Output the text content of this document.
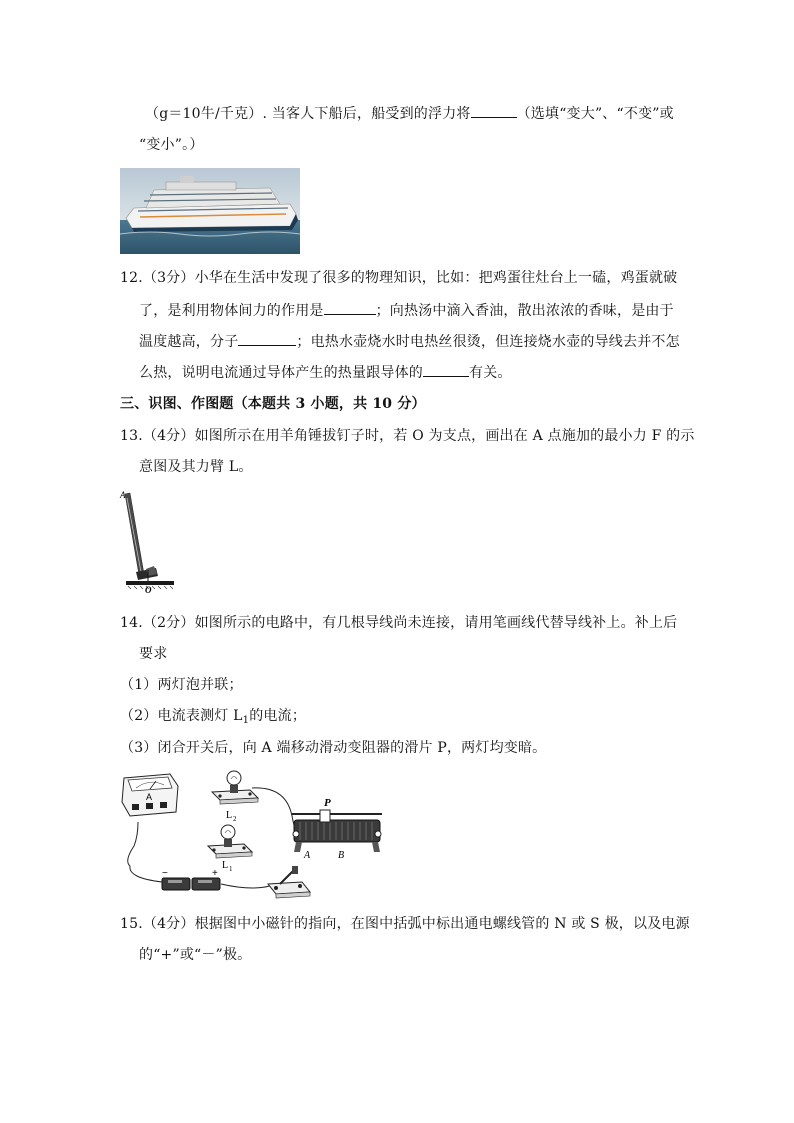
（g＝10牛/千克）. 当客人下船后，船受到的浮力将	（选填“变大”、“不变”或
“变小”。）
12.（3分）小华在生活中发现了很多的物理知识，比如：把鸡蛋往灶台上一磕，鸡蛋就破
了，是利用物体间力的作用是	；向热汤中滴入香油，散出浓浓的香味，是由于
温度越高，分子	；电热水壶烧水时电热丝很烫，但连接烧水壶的导线去并不怎
么热，说明电流通过导体产生的热量跟导体的	有关。
三、识图、作图题（本题共 3 小题，共 10 分）
13.（4分）如图所示在用羊角锤拔钉子时，若 O 为支点，画出在 A 点施加的最小力 F 的示
意图及其力臂 L。
A
O
14.（2分）如图所示的电路中，有几根导线尚未连接，请用笔画线代替导线补上。补上后
要求
（1）两灯泡并联；
（2）电流表测灯 $L_1$的电流；
（3）闭合开关后，向 A 端移动滑动变阻器的滑片 P，两灯均变暗。
A
L 2
L 1
P
A	B
−	+
15.（4分）根据图中小磁针的指向，在图中括弧中标出通电螺线管的 N 或 S 极，以及电源
的“+”或“－”极。
